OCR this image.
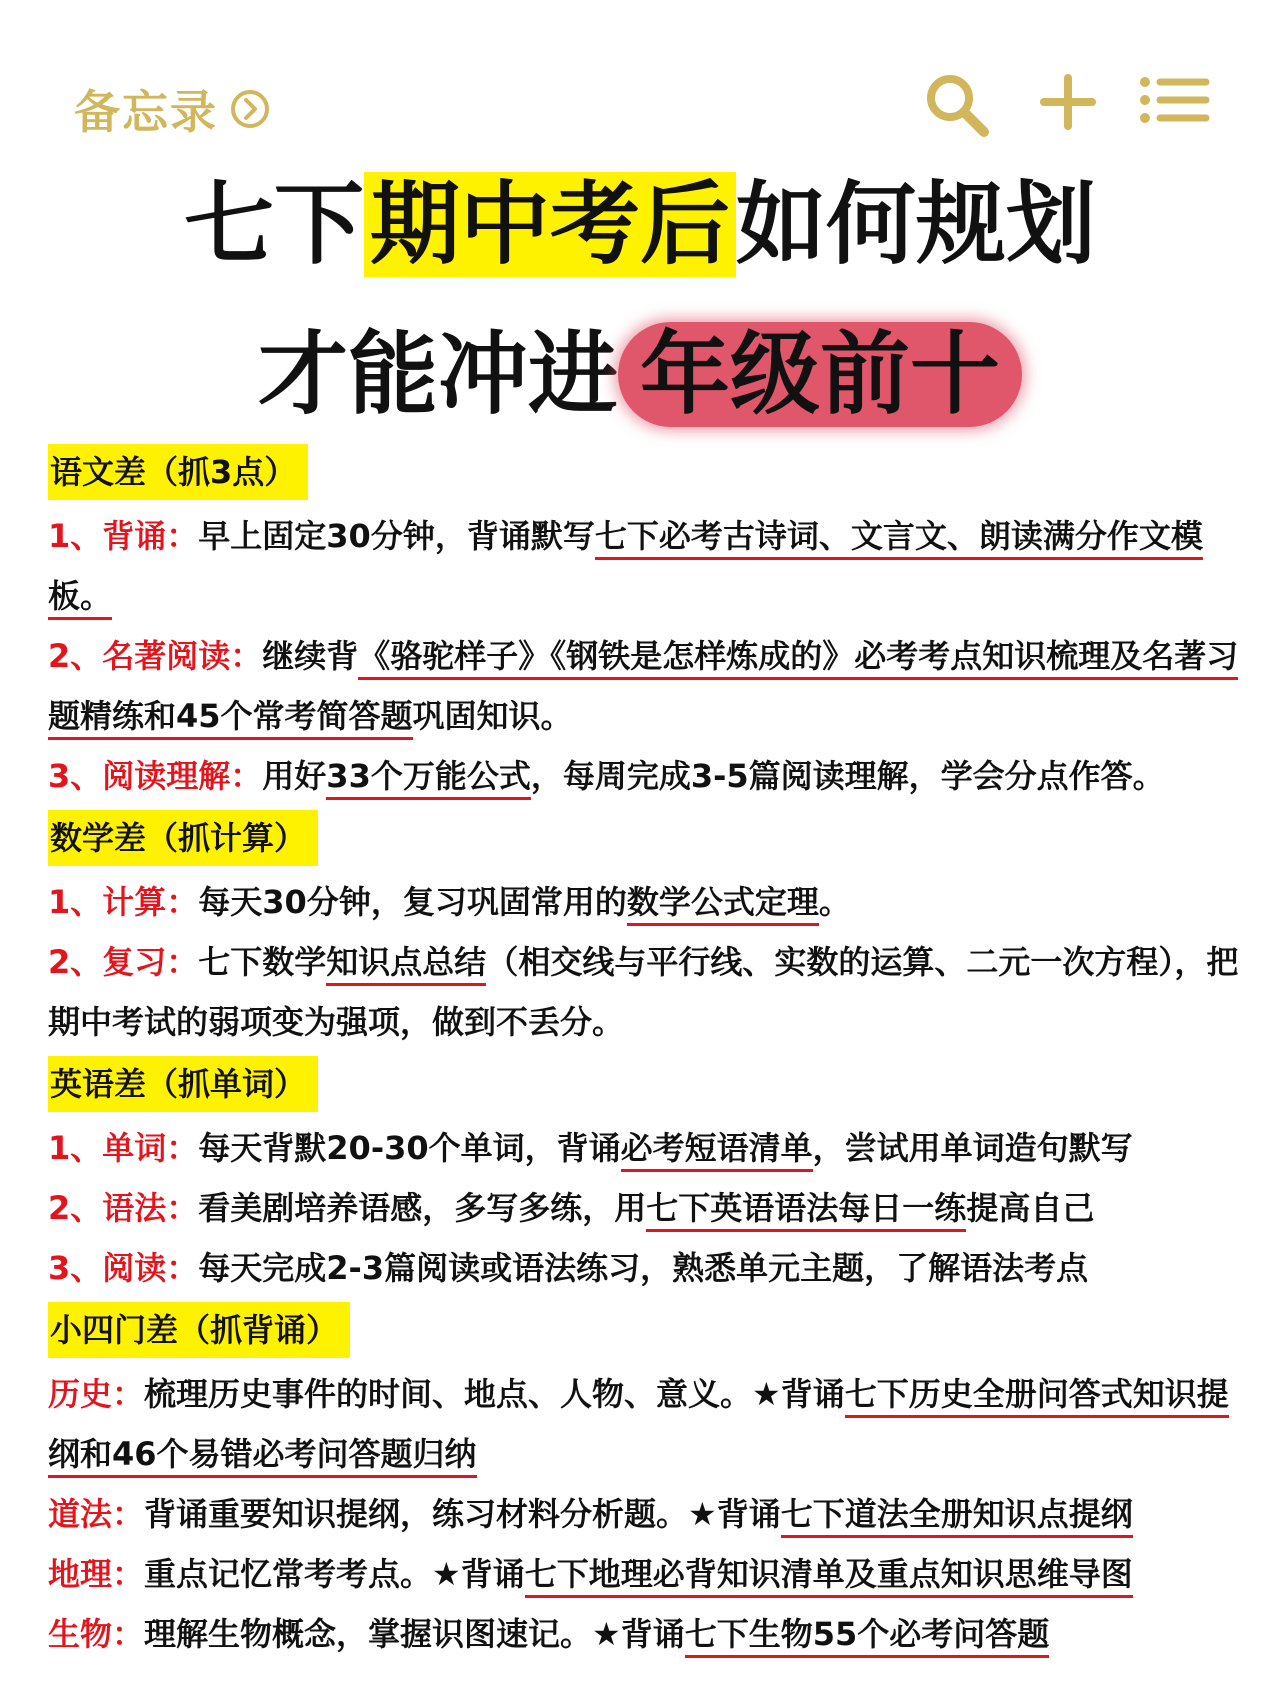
备忘录
七下期中考后如何规划
才能冲进 年级前十
语文差（抓3点）

1、背诵：早上固定30分钟，背诵默写七下必考古诗词、文言文、朗读满分作文模板。

2、名著阅读：继续背《骆驼样子》《钢铁是怎样炼成的》必考考点知识梳理及名著习题精练和45个常考简答题巩固知识。

3、阅读理解：用好33个万能公式，每周完成3-5篇阅读理解，学会分点作答。

数学差（抓计算）

1、计算：每天30分钟，复习巩固常用的数学公式定理。

2、复习：七下数学知识点总结（相交线与平行线、实数的运算、二元一次方程），把期中考试的弱项变为强项，做到不丢分。

英语差（抓单词）

1、单词：每天背默20-30个单词，背诵必考短语清单，尝试用单词造句默写

2、语法：看美剧培养语感，多写多练，用七下英语语法每日一练提高自己

3、阅读：每天完成2-3篇阅读或语法练习，熟悉单元主题，了解语法考点

小四门差（抓背诵）

历史：梳理历史事件的时间、地点、人物、意义。★背诵七下历史全册问答式知识提纲和46个易错必考问答题归纳

道法：背诵重要知识提纲，练习材料分析题。★背诵七下道法全册知识点提纲

地理：重点记忆常考考点。★背诵七下地理必背知识清单及重点知识思维导图

生物：理解生物概念，掌握识图速记。★背诵七下生物55个必考问答题
